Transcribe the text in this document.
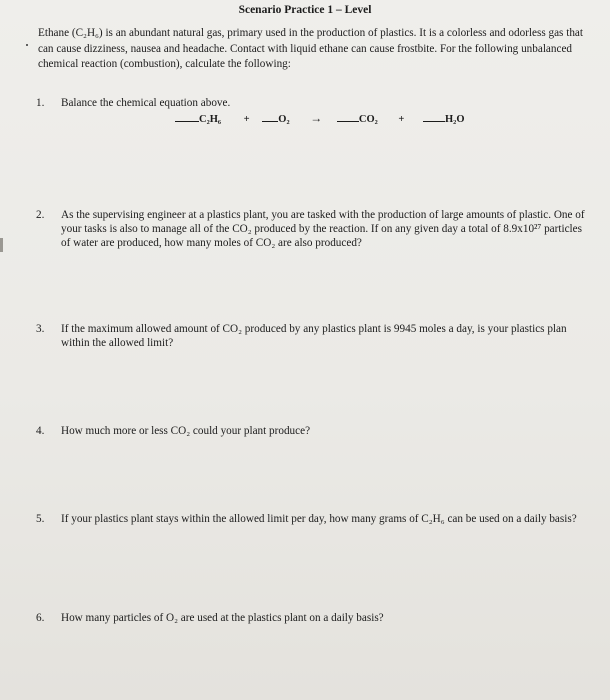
Scenario Practice 1 – Level
Ethane (C₂H₆) is an abundant natural gas, primary used in the production of plastics. It is a colorless and odorless gas that can cause dizziness, nausea and headache. Contact with liquid ethane can cause frostbite. For the following unbalanced chemical reaction (combustion), calculate the following:
1.	Balance the chemical equation above.
C₂H₆ +	O₂ →	CO₂ +	H₂O
2.	As the supervising engineer at a plastics plant, you are tasked with the production of large amounts of plastic. One of your tasks is also to manage all of the CO₂ produced by the reaction. If on any given day a total of 8.9x10²⁷ particles of water are produced, how many moles of CO₂ are also produced?
3.	If the maximum allowed amount of CO₂ produced by any plastics plant is 9945 moles a day, is your plastics plan within the allowed limit?
4.	How much more or less CO₂ could your plant produce?
5.	If your plastics plant stays within the allowed limit per day, how many grams of C₂H₆ can be used on a daily basis?
6.	How many particles of O₂ are used at the plastics plant on a daily basis?
